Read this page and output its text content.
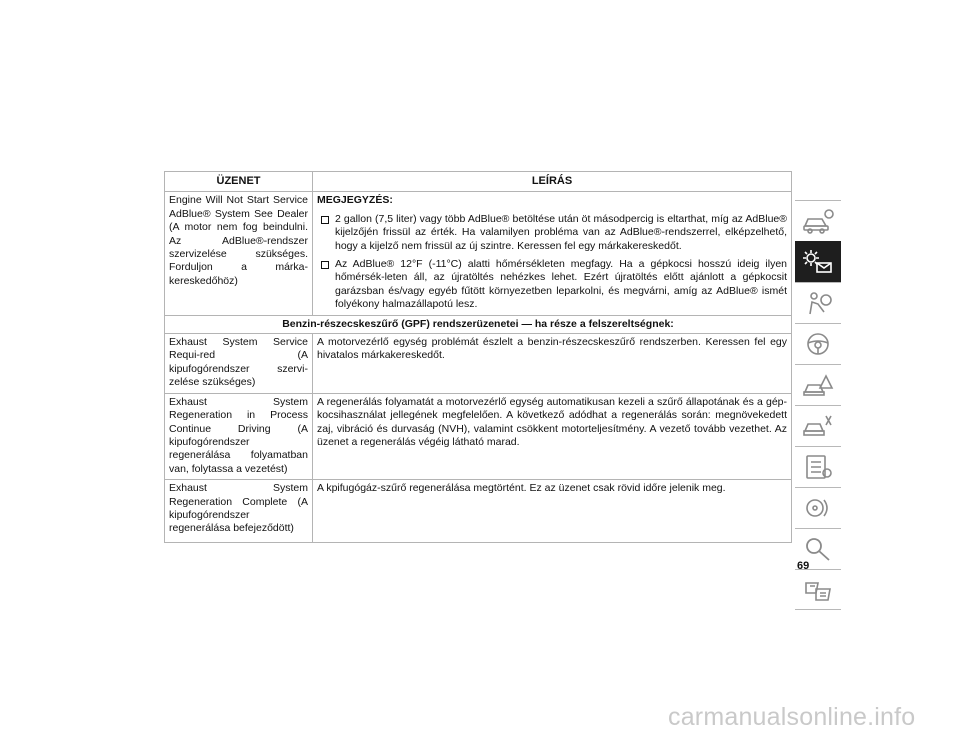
ÜZENET	LEÍRÁS
Engine Will Not Start Service AdBlue® System See Dealer (A motor nem fog beindulni. Az AdBlue®-rendszer szervizelése szükséges. Forduljon a márka-kereskedőhöz)	MEGJEGYZÉS:
2 gallon (7,5 liter) vagy több AdBlue® betöltése után öt másodpercig is eltarthat, míg az AdBlue® kijelzőjén frissül az érték. Ha valamilyen probléma van az AdBlue®-rendszerrel, elképzelhető, hogy a kijelző nem frissül az új szintre. Keressen fel egy márkakereskedőt.
Az AdBlue® 12°F (-11°C) alatti hőmérsékleten megfagy. Ha a gépkocsi hosszú ideig ilyen hőmérsék-leten áll, az újratöltés nehézkes lehet. Ezért újratöltés előtt ajánlott a gépkocsit garázsban és/vagy egyéb fűtött környezetben leparkolni, és megvárni, amíg az AdBlue® ismét folyékony halmazállapotú lesz.

Benzin-részecskeszűrő (GPF) rendszerüzenetei — ha része a felszereltségnek:	
Exhaust System Service Requi-red (A kipufogórendszer szervi-zelése szükséges)	A motorvezérlő egység problémát észlelt a benzin-részecskeszűrő rendszerben. Keressen fel egy hivatalos márkakereskedőt.
Exhaust System Regeneration in Process Continue Driving (A kipufogórendszer regenerálása folyamatban van, folytassa a vezetést)	A regenerálás folyamatát a motorvezérlő egység automatikusan kezeli a szűrő állapotának és a gép-kocsihasználat jellegének megfelelően. A következő adódhat a regenerálás során: megnövekedett zaj, vibráció és durvaság (NVH), valamint csökkent motorteljesítmény. A vezető tovább vezethet. Az üzenet a regenerálás végéig látható marad.
Exhaust System Regeneration Complete (A kipufogórendszer regenerálása befejeződött)	A kpifugógáz-szűrő regenerálása megtörtént. Ez az üzenet csak rövid időre jelenik meg.
69
carmanualsonline.info
